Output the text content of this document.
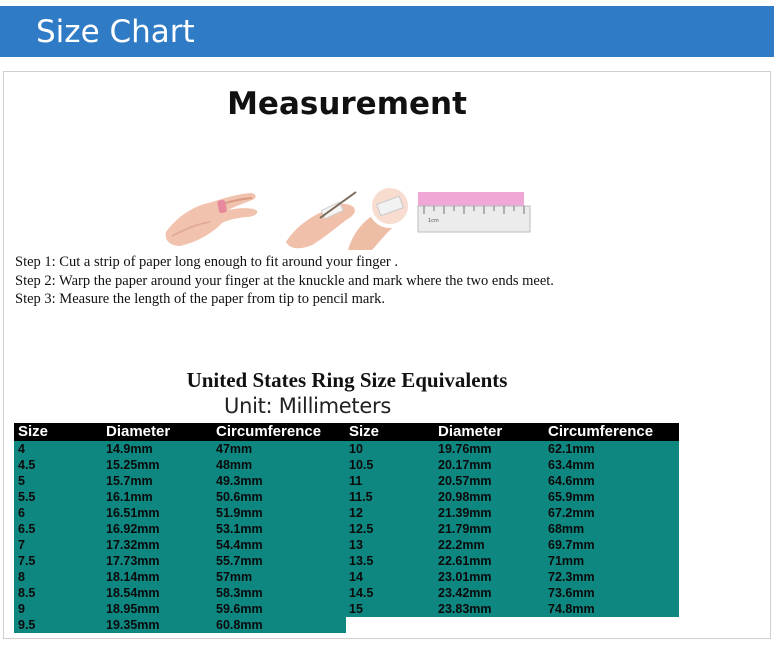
Size Chart
Measurement
1cm
Step 1: Cut a strip of paper long enough to fit around your finger .
Step 2: Warp the paper around your finger at the knuckle and mark where the two ends meet.
Step 3: Measure the length of the paper from tip to pencil mark.
United States Ring Size Equivalents
Unit: Millimeters
Size	Diameter	Circumference Size	Diameter	Circumference
4	14.9mm	47mm	10	19.76mm	62.1mm
4.5	15.25mm	48mm	10.5	20.17mm	63.4mm
5	15.7mm	49.3mm	11	20.57mm	64.6mm
5.5	16.1mm	50.6mm	11.5	20.98mm	65.9mm
6	16.51mm	51.9mm	12	21.39mm	67.2mm
6.5	16.92mm	53.1mm	12.5	21.79mm	68mm
7	17.32mm	54.4mm	13	22.2mm	69.7mm
7.5	17.73mm	55.7mm	13.5	22.61mm	71mm
8	18.14mm	57mm	14	23.01mm	72.3mm
8.5	18.54mm	58.3mm	14.5	23.42mm	73.6mm
9	18.95mm	59.6mm	15	23.83mm	74.8mm
9.5	19.35mm	60.8mm
